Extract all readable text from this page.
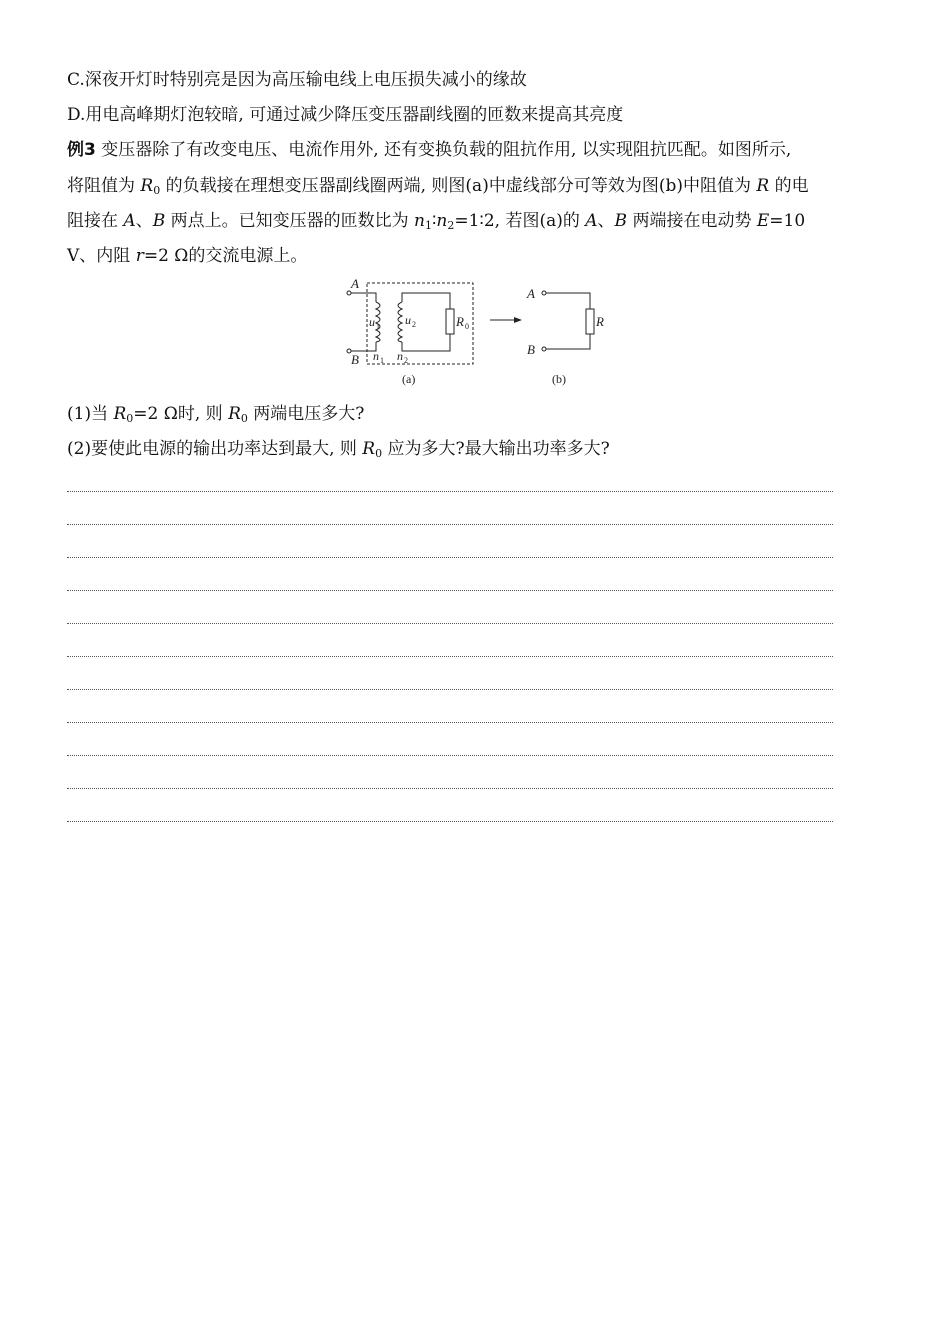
C.深夜开灯时特别亮是因为高压输电线上电压损失减小的缘故
D.用电高峰期灯泡较暗, 可通过减少降压变压器副线圈的匝数来提高其亮度
例3 变压器除了有改变电压、电流作用外, 还有变换负载的阻抗作用, 以实现阻抗匹配。如图所示,
将阻值为 $R_0$ 的负载接在理想变压器副线圈两端, 则图(a)中虚线部分可等效为图(b)中阻值为 R 的电
阻接在 A、B 两点上。已知变压器的匝数比为 $n_1∶n_2=1∶2$, 若图(a)的 A、B 两端接在电动势 E=10
V、内阻 r=2 Ω的交流电源上。
A
B
u 1 u 2
n 1 n 2
R 0
(a)
A
B
R
(b)
(1)当 $R_0=2$ Ω时, 则 $R_0$ 两端电压多大?
(2)要使此电源的输出功率达到最大, 则 $R_0$ 应为多大?最大输出功率多大?
